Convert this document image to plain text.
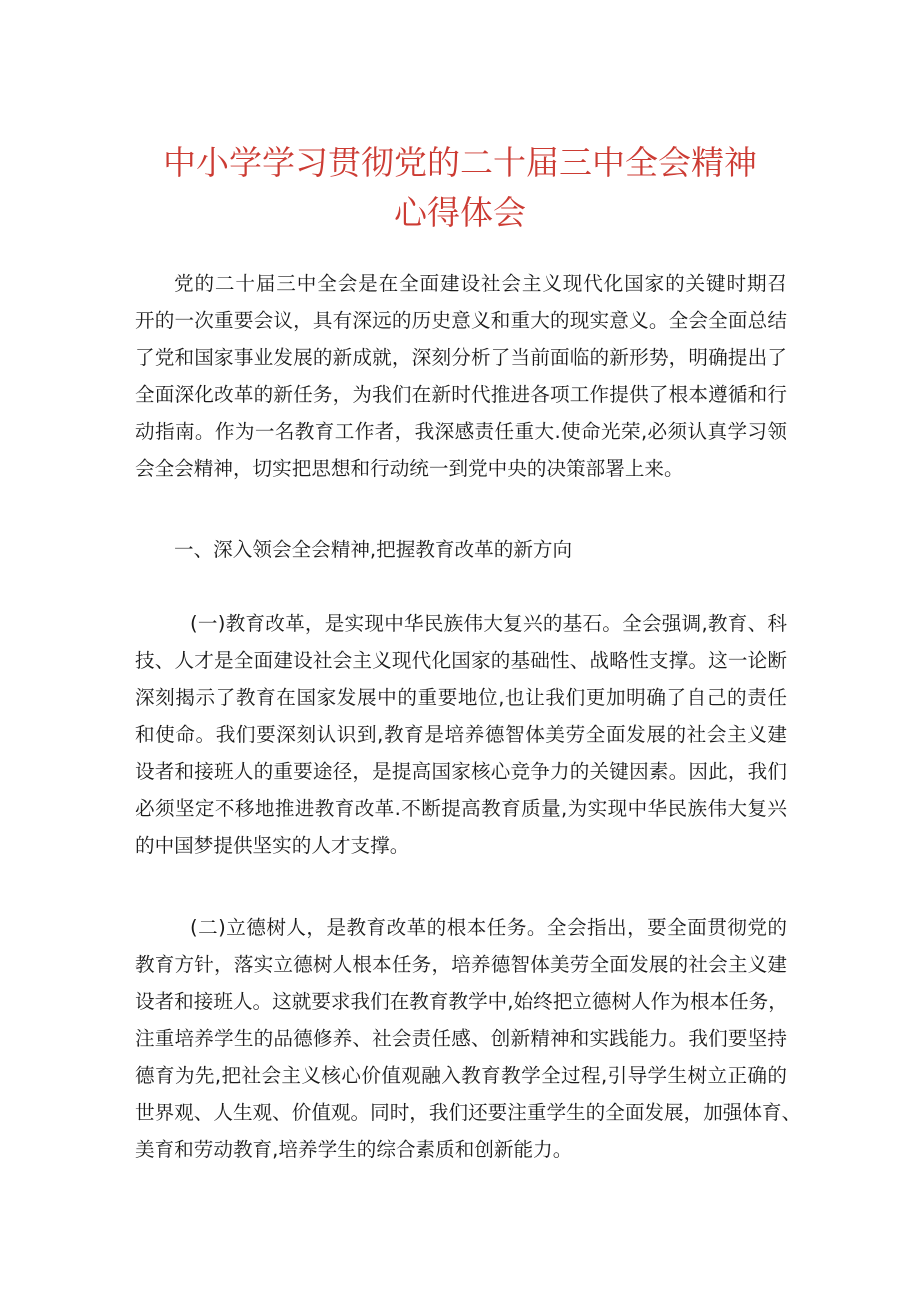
中小学学习贯彻党的二十届三中全会精神
心得体会
党的二十届三中全会是在全面建设社会主义现代化国家的关键时期召
开的一次重要会议，具有深远的历史意义和重大的现实意义。全会全面总结
了党和国家事业发展的新成就，深刻分析了当前面临的新形势，明确提出了
全面深化改革的新任务，为我们在新时代推进各项工作提供了根本遵循和行
动指南。作为一名教育工作者，我深感责任重大.使命光荣,必须认真学习领
会全会精神，切实把思想和行动统一到党中央的决策部署上来。
一、深入领会全会精神,把握教育改革的新方向
(一)教育改革，是实现中华民族伟大复兴的基石。全会强调,教育、科
技、人才是全面建设社会主义现代化国家的基础性、战略性支撑。这一论断
深刻揭示了教育在国家发展中的重要地位,也让我们更加明确了自己的责任
和使命。我们要深刻认识到,教育是培养德智体美劳全面发展的社会主义建
设者和接班人的重要途径，是提高国家核心竞争力的关键因素。因此，我们
必须坚定不移地推进教育改革.不断提高教育质量,为实现中华民族伟大复兴
的中国梦提供坚实的人才支撑。
(二)立德树人，是教育改革的根本任务。全会指出，要全面贯彻党的
教育方针，落实立德树人根本任务，培养德智体美劳全面发展的社会主义建
设者和接班人。这就要求我们在教育教学中,始终把立德树人作为根本任务，
注重培养学生的品德修养、社会责任感、创新精神和实践能力。我们要坚持
德育为先,把社会主义核心价值观融入教育教学全过程,引导学生树立正确的
世界观、人生观、价值观。同时，我们还要注重学生的全面发展，加强体育、
美育和劳动教育,培养学生的综合素质和创新能力。
